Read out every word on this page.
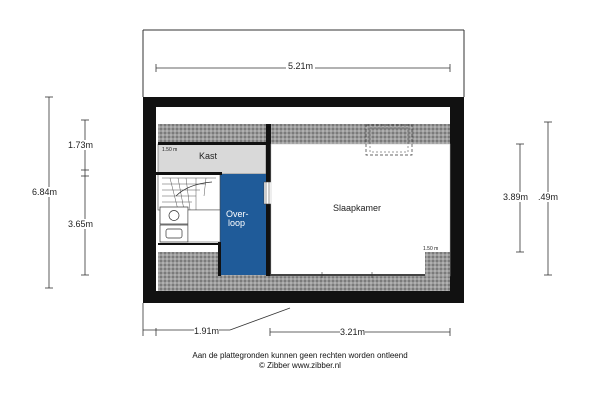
5.21m
6.84m
1.73m
3.65m
3.89m .49m
1.91m	3.21m
1.50 m
Kast
Over-
loop
Slaapkamer
1.50 m
Aan de plattegronden kunnen geen rechten worden ontleend
© Zibber www.zibber.nl
